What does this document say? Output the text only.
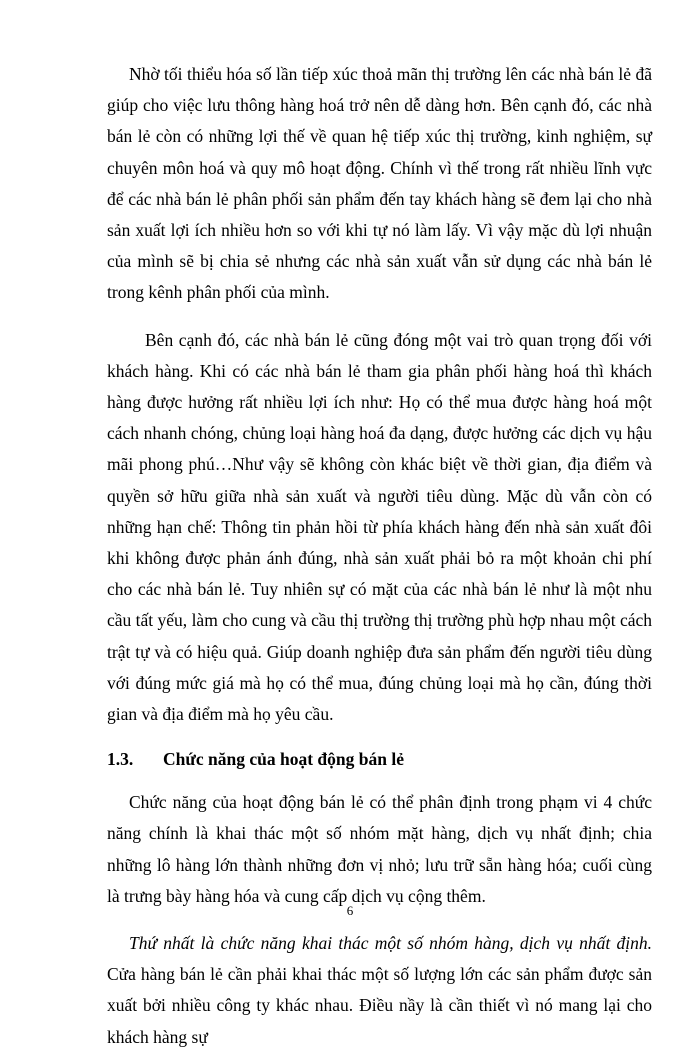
Nhờ tối thiểu hóa số lần tiếp xúc thoả mãn thị trường lên các nhà bán lẻ đã giúp cho việc lưu thông hàng hoá trở nên dễ dàng hơn. Bên cạnh đó, các nhà bán lẻ còn có những lợi thế về quan hệ tiếp xúc thị trường, kinh nghiệm, sự chuyên môn hoá và quy mô hoạt động. Chính vì thế trong rất nhiều lĩnh vực để các nhà bán lẻ phân phối sản phẩm đến tay khách hàng sẽ đem lại cho nhà sản xuất lợi ích nhiều hơn so với khi tự nó làm lấy. Vì vậy mặc dù lợi nhuận của mình sẽ bị chia sẻ nhưng các nhà sản xuất vẫn sử dụng các nhà bán lẻ trong kênh phân phối của mình.

Bên cạnh đó, các nhà bán lẻ cũng đóng một vai trò quan trọng đối với khách hàng. Khi có các nhà bán lẻ tham gia phân phối hàng hoá thì khách hàng được hưởng rất nhiều lợi ích như: Họ có thể mua được hàng hoá một cách nhanh chóng, chủng loại hàng hoá đa dạng, được hưởng các dịch vụ hậu mãi phong phú…Như vậy sẽ không còn khác biệt về thời gian, địa điểm và quyền sở hữu giữa nhà sản xuất và người tiêu dùng. Mặc dù vẫn còn có những hạn chế: Thông tin phản hồi từ phía khách hàng đến nhà sản xuất đôi khi không được phản ánh đúng, nhà sản xuất phải bỏ ra một khoản chi phí cho các nhà bán lẻ. Tuy nhiên sự có mặt của các nhà bán lẻ như là một nhu cầu tất yếu, làm cho cung và cầu thị trường thị trường phù hợp nhau một cách trật tự và có hiệu quả. Giúp doanh nghiệp đưa sản phẩm đến người tiêu dùng với đúng mức giá mà họ có thể mua, đúng chủng loại mà họ cần, đúng thời gian và địa điểm mà họ yêu cầu.

1.3. Chức năng của hoạt động bán lẻ

Chức năng của hoạt động bán lẻ có thể phân định trong phạm vi 4 chức năng chính là khai thác một số nhóm mặt hàng, dịch vụ nhất định; chia những lô hàng lớn thành những đơn vị nhỏ; lưu trữ sẵn hàng hóa; cuối cùng là trưng bày hàng hóa và cung cấp dịch vụ cộng thêm.

Thứ nhất là chức năng khai thác một số nhóm hàng, dịch vụ nhất định. Cửa hàng bán lẻ cần phải khai thác một số lượng lớn các sản phẩm được sản xuất bởi nhiều công ty khác nhau. Điều nầy là cần thiết vì nó mang lại cho khách hàng sự

6
